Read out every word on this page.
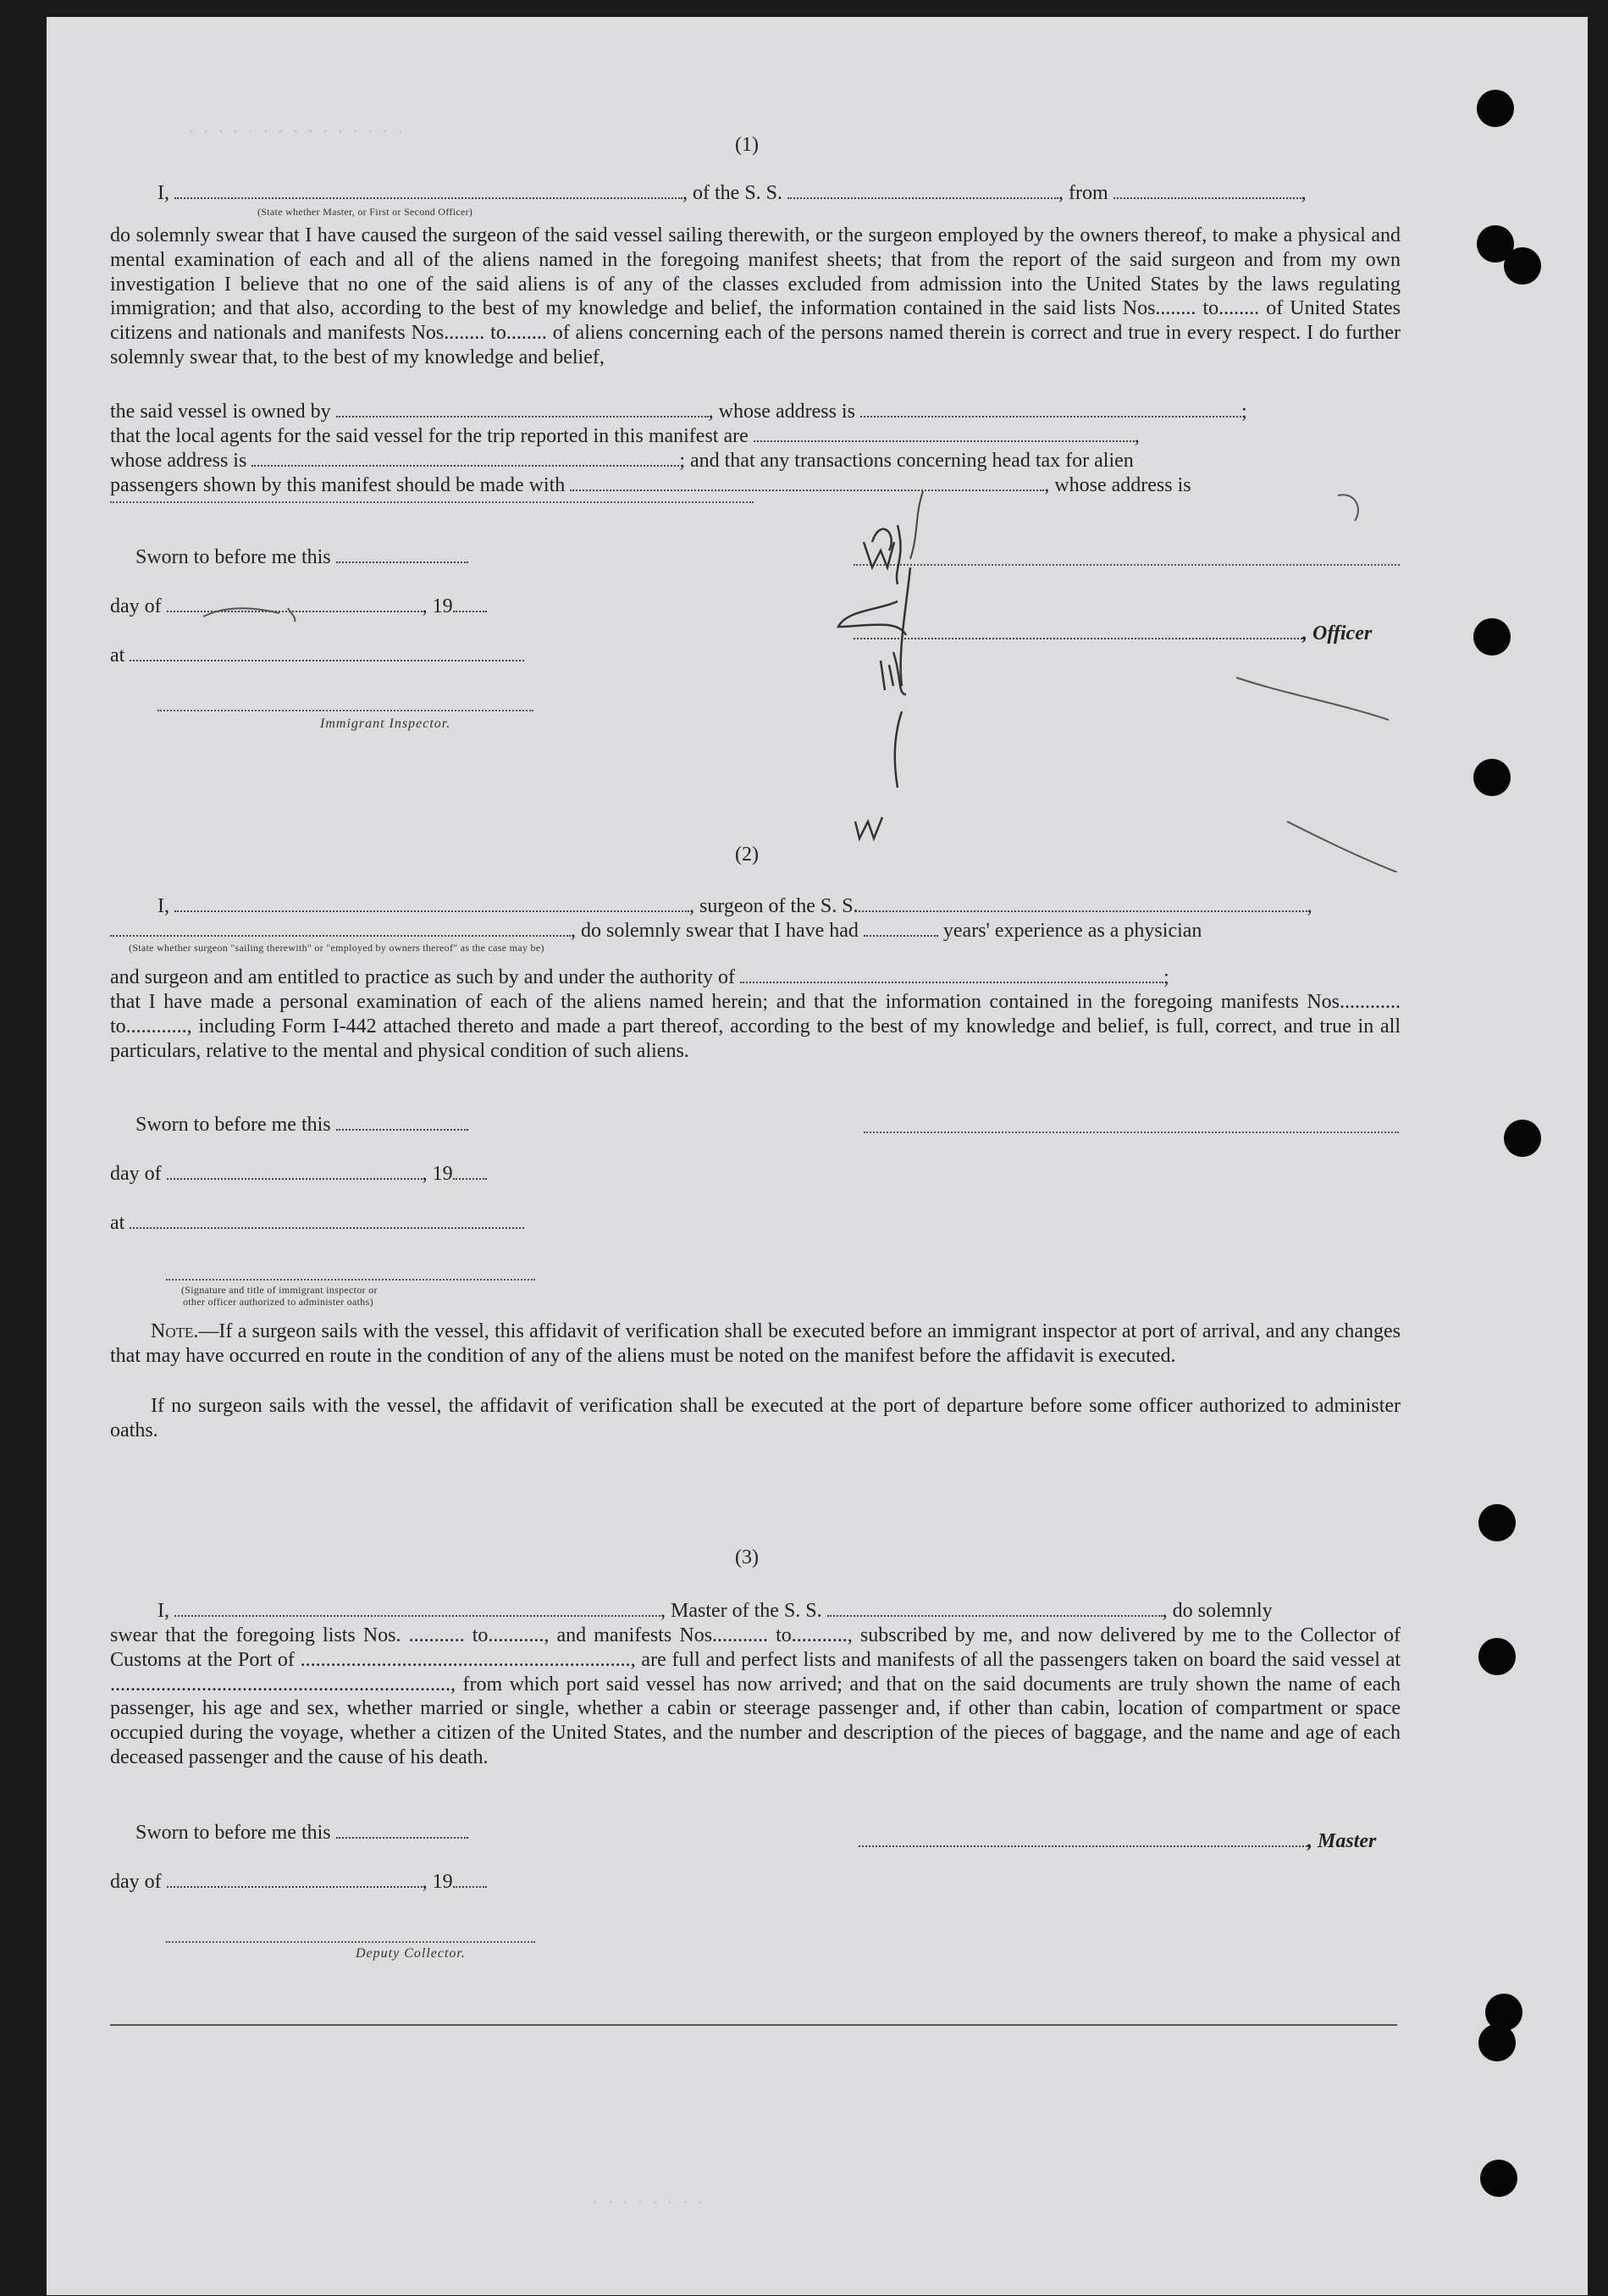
(1)
I,	, of the S. S.	, from	,
(State whether Master, or First or Second Officer)
do solemnly swear that I have caused the surgeon of the said vessel sailing therewith, or the surgeon employed by the owners thereof, to make a physical and mental examination of each and all of the aliens named in the foregoing manifest sheets; that from the report of the said surgeon and from my own investigation I believe that no one of the said aliens is of any of the classes excluded from admission into the United States by the laws regulating immigration; and that also, according to the best of my knowledge and belief, the information contained in the said lists Nos........ to........ of United States citizens and nationals and manifests Nos........ to........ of aliens concerning each of the persons named therein is correct and true in every respect. I do further solemnly swear that, to the best of my knowledge and belief,
the said vessel is owned by	, whose address is	;
that the local agents for the said vessel for the trip reported in this manifest are	,
whose address is	; and that any transactions concerning head tax for alien
passengers shown by this manifest should be made with	, whose address is
Sworn to before me this
day of	, 19
at
, Officer
Immigrant Inspector.
(2)
I,	, surgeon of the S. S.	,
, do solemnly swear that I have had	years' experience as a physician
(State whether surgeon "sailing therewith" or "employed by owners thereof" as the case may be)
and surgeon and am entitled to practice as such by and under the authority of	;
that I have made a personal examination of each of the aliens named herein; and that the information contained in the foregoing manifests Nos............ to............, including Form I-442 attached thereto and made a part thereof, according to the best of my knowledge and belief, is full, correct, and true in all particulars, relative to the mental and physical condition of such aliens.
Sworn to before me this
day of	, 19
at
(Signature and title of immigrant inspector or
other officer authorized to administer oaths)
Note.—If a surgeon sails with the vessel, this affidavit of verification shall be executed before an immigrant inspector at port of arrival, and any changes that may have occurred en route in the condition of any of the aliens must be noted on the manifest before the affidavit is executed.
If no surgeon sails with the vessel, the affidavit of verification shall be executed at the port of departure before some officer authorized to administer oaths.
(3)
I,	, Master of the S. S.	, do solemnly
swear that the foregoing lists Nos. ........... to..........., and manifests Nos........... to..........., subscribed by me, and now delivered by me to the Collector of Customs at the Port of ................................................................., are full and perfect lists and manifests of all the passengers taken on board the said vessel at ..................................................................., from which port said vessel has now arrived; and that on the said documents are truly shown the name of each passenger, his age and sex, whether married or single, whether a cabin or steerage passenger and, if other than cabin, location of compartment or space occupied during the voyage, whether a citizen of the United States, and the number and description of the pieces of baggage, and the name and age of each deceased passenger and the cause of his death.
Sworn to before me this	, Master
day of	, 19
Deputy Collector.
· · · · · · · · · · · · · · ·
· · · · · · · ·
